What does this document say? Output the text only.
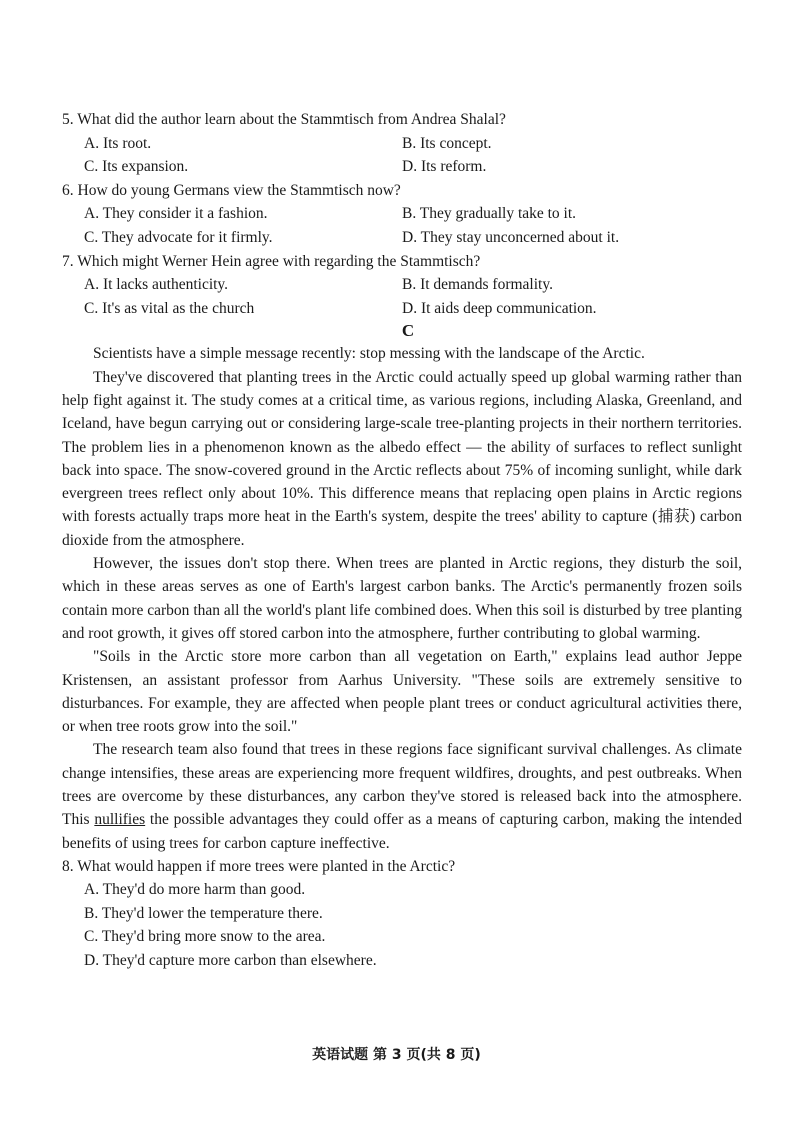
5. What did the author learn about the Stammtisch from Andrea Shalal?
A. Its root.	B. Its concept.
C. Its expansion.	D. Its reform.
6. How do young Germans view the Stammtisch now?
A. They consider it a fashion.	B. They gradually take to it.
C. They advocate for it firmly.	D. They stay unconcerned about it.
7. Which might Werner Hein agree with regarding the Stammtisch?
A. It lacks authenticity.	B. It demands formality.
C. It's as vital as the church	D. It aids deep communication.
C

Scientists have a simple message recently: stop messing with the landscape of the Arctic.

They've discovered that planting trees in the Arctic could actually speed up global warming rather than help fight against it. The study comes at a critical time, as various regions, including Alaska, Greenland, and Iceland, have begun carrying out or considering large-scale tree-planting projects in their northern territories. The problem lies in a phenomenon known as the albedo effect — the ability of surfaces to reflect sunlight back into space. The snow-covered ground in the Arctic reflects about 75% of incoming sunlight, while dark evergreen trees reflect only about 10%. This difference means that replacing open plains in Arctic regions with forests actually traps more heat in the Earth's system, despite the trees' ability to capture (捕获) carbon dioxide from the atmosphere.

However, the issues don't stop there. When trees are planted in Arctic regions, they disturb the soil, which in these areas serves as one of Earth's largest carbon banks. The Arctic's permanently frozen soils contain more carbon than all the world's plant life combined does. When this soil is disturbed by tree planting and root growth, it gives off stored carbon into the atmosphere, further contributing to global warming.

"Soils in the Arctic store more carbon than all vegetation on Earth," explains lead author Jeppe Kristensen, an assistant professor from Aarhus University. "These soils are extremely sensitive to disturbances. For example, they are affected when people plant trees or conduct agricultural activities there, or when tree roots grow into the soil."

The research team also found that trees in these regions face significant survival challenges. As climate change intensifies, these areas are experiencing more frequent wildfires, droughts, and pest outbreaks. When trees are overcome by these disturbances, any carbon they've stored is released back into the atmosphere. This nullifies the possible advantages they could offer as a means of capturing carbon, making the intended benefits of using trees for carbon capture ineffective.

8. What would happen if more trees were planted in the Arctic?
A. They'd do more harm than good.
B. They'd lower the temperature there.
C. They'd bring more snow to the area.
D. They'd capture more carbon than elsewhere.
英语试题 第 3 页(共 8 页)
